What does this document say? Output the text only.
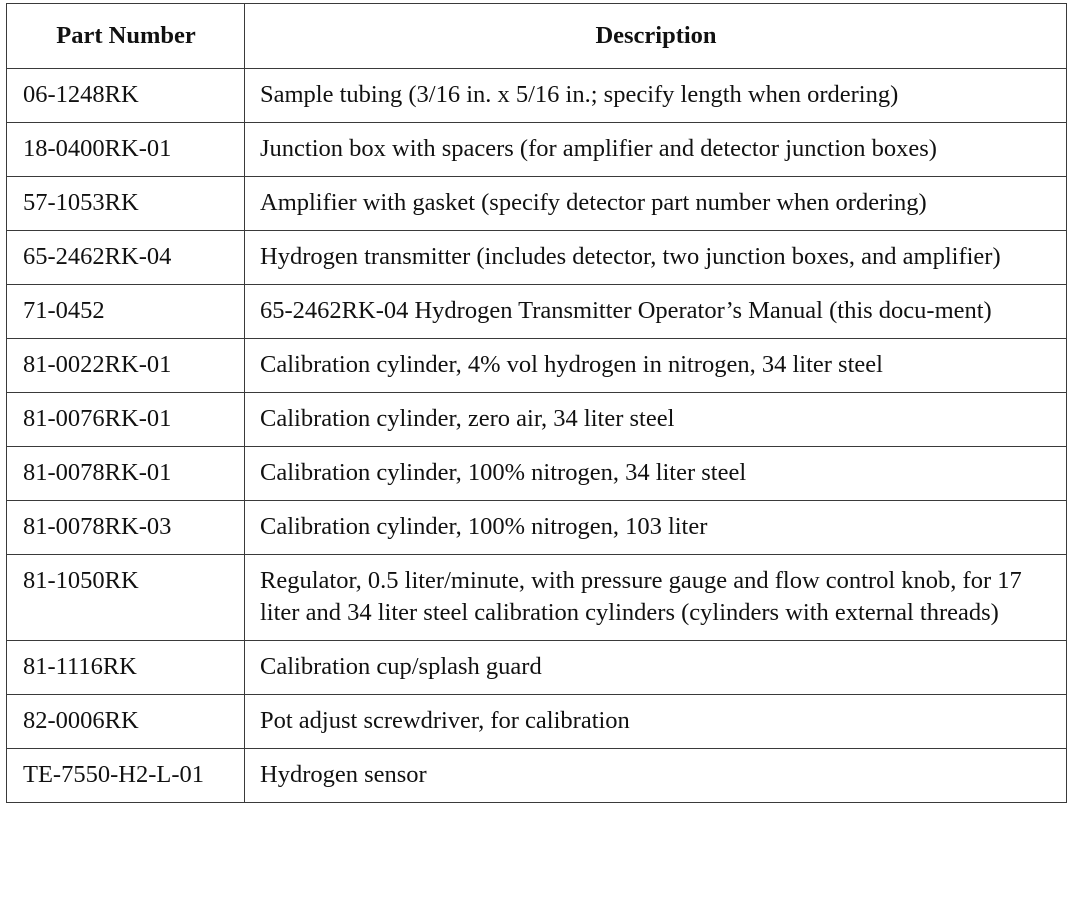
Part Number	Description
06-1248RK	Sample tubing (3/16 in. x 5/16 in.; specify length when ordering)
18-0400RK-01	Junction box with spacers (for amplifier and detector junction boxes)
57-1053RK	Amplifier with gasket (specify detector part number when ordering)
65-2462RK-04	Hydrogen transmitter (includes detector, two junction boxes, and amplifier)
71-0452	65-2462RK-04 Hydrogen Transmitter Operator’s Manual (this docu-ment)
81-0022RK-01	Calibration cylinder, 4% vol hydrogen in nitrogen, 34 liter steel
81-0076RK-01	Calibration cylinder, zero air, 34 liter steel
81-0078RK-01	Calibration cylinder, 100% nitrogen, 34 liter steel
81-0078RK-03	Calibration cylinder, 100% nitrogen, 103 liter
81-1050RK	Regulator, 0.5 liter/minute, with pressure gauge and flow control knob, for 17 liter and 34 liter steel calibration cylinders (cylinders with external threads)
81-1116RK	Calibration cup/splash guard
82-0006RK	Pot adjust screwdriver, for calibration
TE-7550-H2-L-01	Hydrogen sensor
